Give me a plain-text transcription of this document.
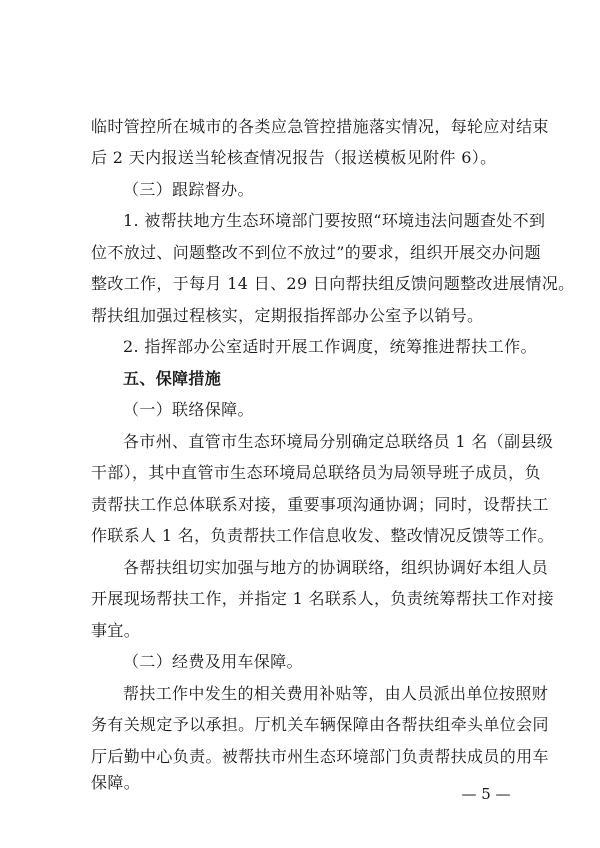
临时管控所在城市的各类应急管控措施落实情况，每轮应对结束
后 2 天内报送当轮核查情况报告（报送模板见附件 6）。
（三）跟踪督办。
1. 被帮扶地方生态环境部门要按照“环境违法问题查处不到
位不放过、问题整改不到位不放过”的要求，组织开展交办问题
整改工作，于每月 14 日、29 日向帮扶组反馈问题整改进展情况。
帮扶组加强过程核实，定期报指挥部办公室予以销号。
2. 指挥部办公室适时开展工作调度，统筹推进帮扶工作。
五、保障措施
（一）联络保障。
各市州、直管市生态环境局分别确定总联络员 1 名（副县级
干部），其中直管市生态环境局总联络员为局领导班子成员，负
责帮扶工作总体联系对接，重要事项沟通协调；同时，设帮扶工
作联系人 1 名，负责帮扶工作信息收发、整改情况反馈等工作。
各帮扶组切实加强与地方的协调联络，组织协调好本组人员
开展现场帮扶工作，并指定 1 名联系人，负责统筹帮扶工作对接
事宜。
（二）经费及用车保障。
帮扶工作中发生的相关费用补贴等，由人员派出单位按照财
务有关规定予以承担。厅机关车辆保障由各帮扶组牵头单位会同
厅后勤中心负责。被帮扶市州生态环境部门负责帮扶成员的用车
保障。
— 5 —
